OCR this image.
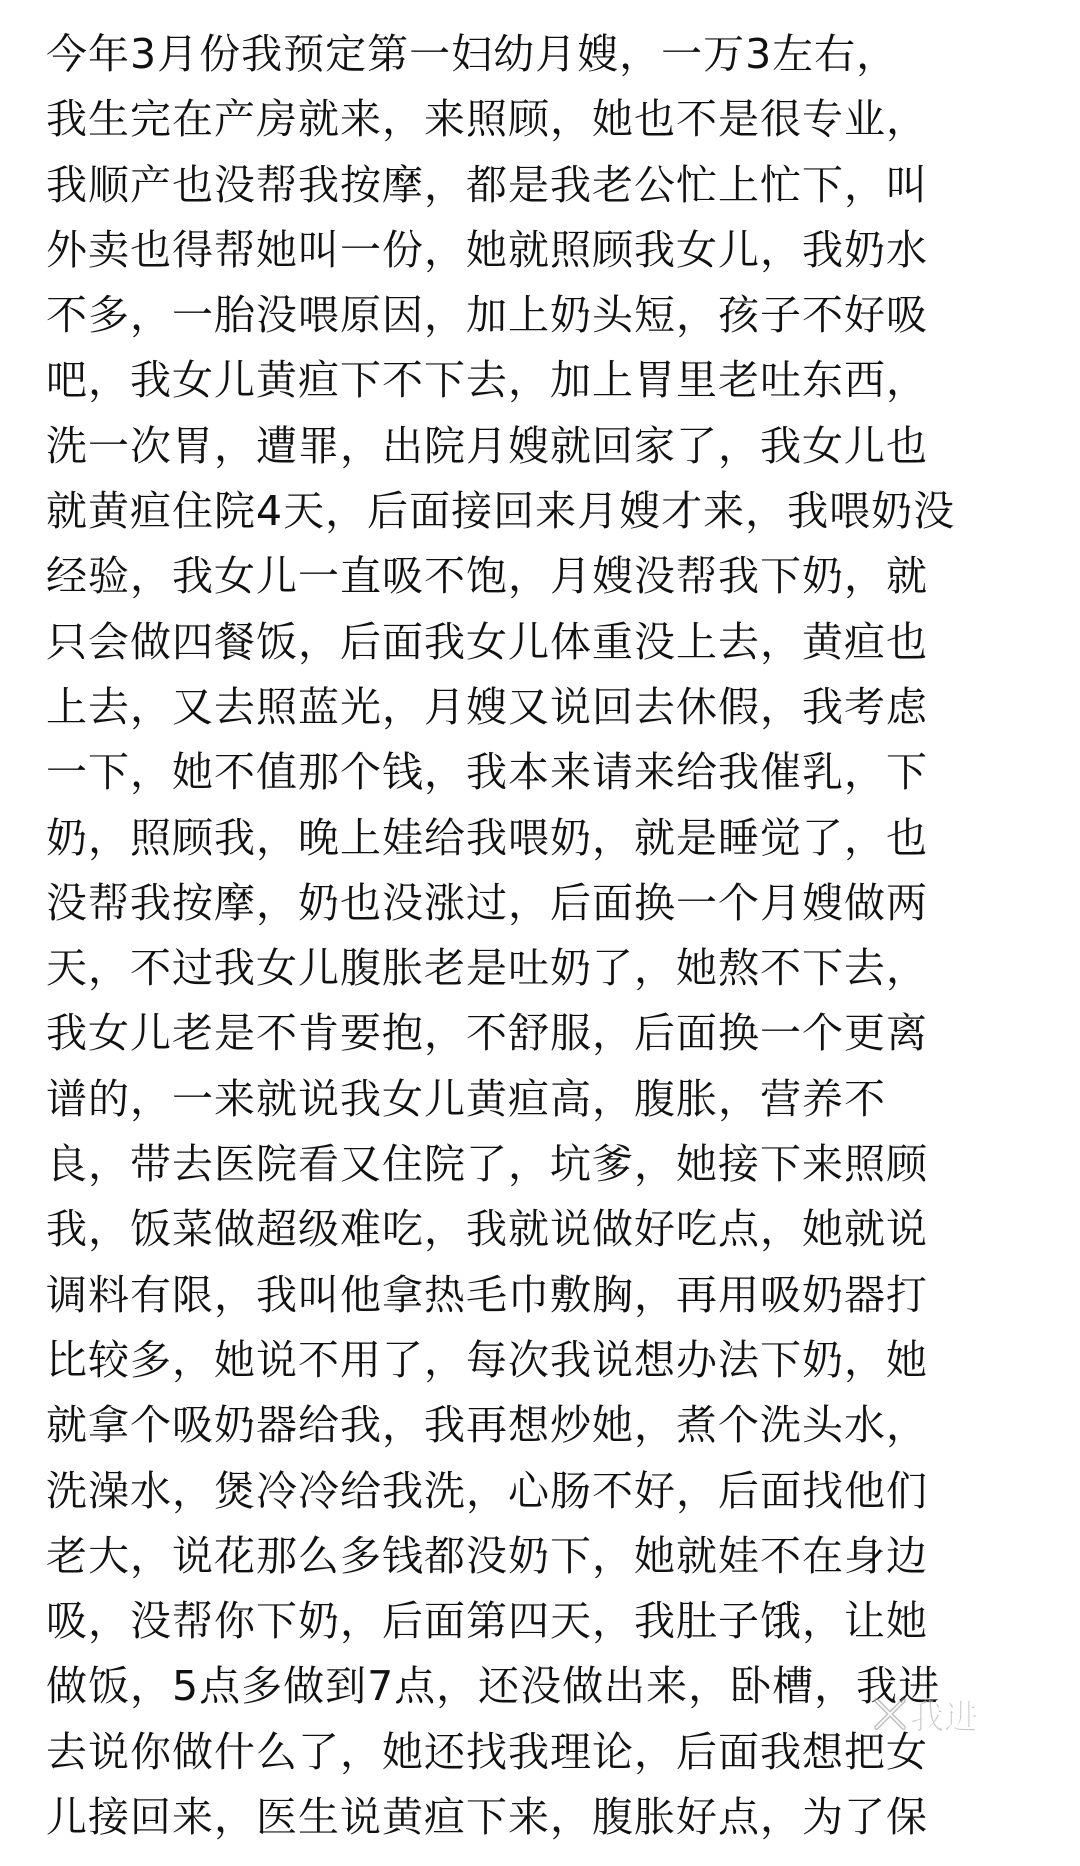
今年3月份我预定第一妇幼月嫂，一万3左右，
我生完在产房就来，来照顾，她也不是很专业，
我顺产也没帮我按摩，都是我老公忙上忙下，叫
外卖也得帮她叫一份，她就照顾我女儿，我奶水
不多，一胎没喂原因，加上奶头短，孩子不好吸
吧，我女儿黄疸下不下去，加上胃里老吐东西，
洗一次胃，遭罪，出院月嫂就回家了，我女儿也
就黄疸住院4天，后面接回来月嫂才来，我喂奶没
经验，我女儿一直吸不饱，月嫂没帮我下奶，就
只会做四餐饭，后面我女儿体重没上去，黄疸也
上去，又去照蓝光，月嫂又说回去休假，我考虑
一下，她不值那个钱，我本来请来给我催乳，下
奶，照顾我，晚上娃给我喂奶，就是睡觉了，也
没帮我按摩，奶也没涨过，后面换一个月嫂做两
天，不过我女儿腹胀老是吐奶了，她熬不下去，
我女儿老是不肯要抱，不舒服，后面换一个更离
谱的，一来就说我女儿黄疸高，腹胀，营养不
良，带去医院看又住院了，坑爹，她接下来照顾
我，饭菜做超级难吃，我就说做好吃点，她就说
调料有限，我叫他拿热毛巾敷胸，再用吸奶器打
比较多，她说不用了，每次我说想办法下奶，她
就拿个吸奶器给我，我再想炒她，煮个洗头水，
洗澡水，煲冷冷给我洗，心肠不好，后面找他们
老大，说花那么多钱都没奶下，她就娃不在身边
吸，没帮你下奶，后面第四天，我肚子饿，让她
做饭，5点多做到7点，还没做出来，卧槽，我进
去说你做什么了，她还找我理论，后面我想把女
儿接回来，医生说黄疸下来，腹胀好点，为了保
我进
